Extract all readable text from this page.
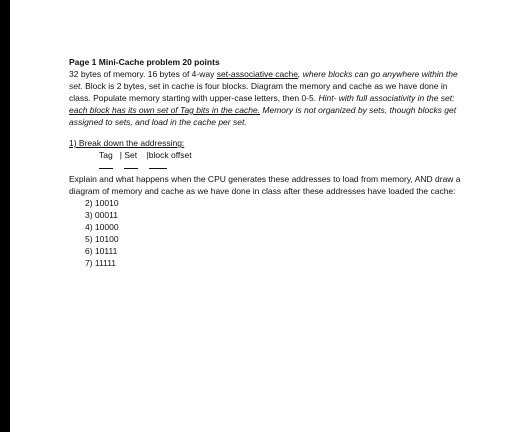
Page 1 Mini-Cache problem 20 points
32 bytes of memory. 16 bytes of 4-way set-associative cache, where blocks can go anywhere within the set. Block is 2 bytes, set in cache is four blocks. Diagram the memory and cache as we have done in class. Populate memory starting with upper-case letters, then 0-5. Hint- with full associativity in the set: each block has its own set of Tag bits in the cache. Memory is not organized by sets, though blocks get assigned to sets, and load in the cache per set.
1) Break down the addressing:
Tag   | Set    |block offset
Explain and what happens when the CPU generates these addresses to load from memory, AND draw a diagram of memory and cache as we have done in class after these addresses have loaded the cache:
2) 10010
3) 00011
4) 10000
5) 10100
6) 10111
7) 11111
